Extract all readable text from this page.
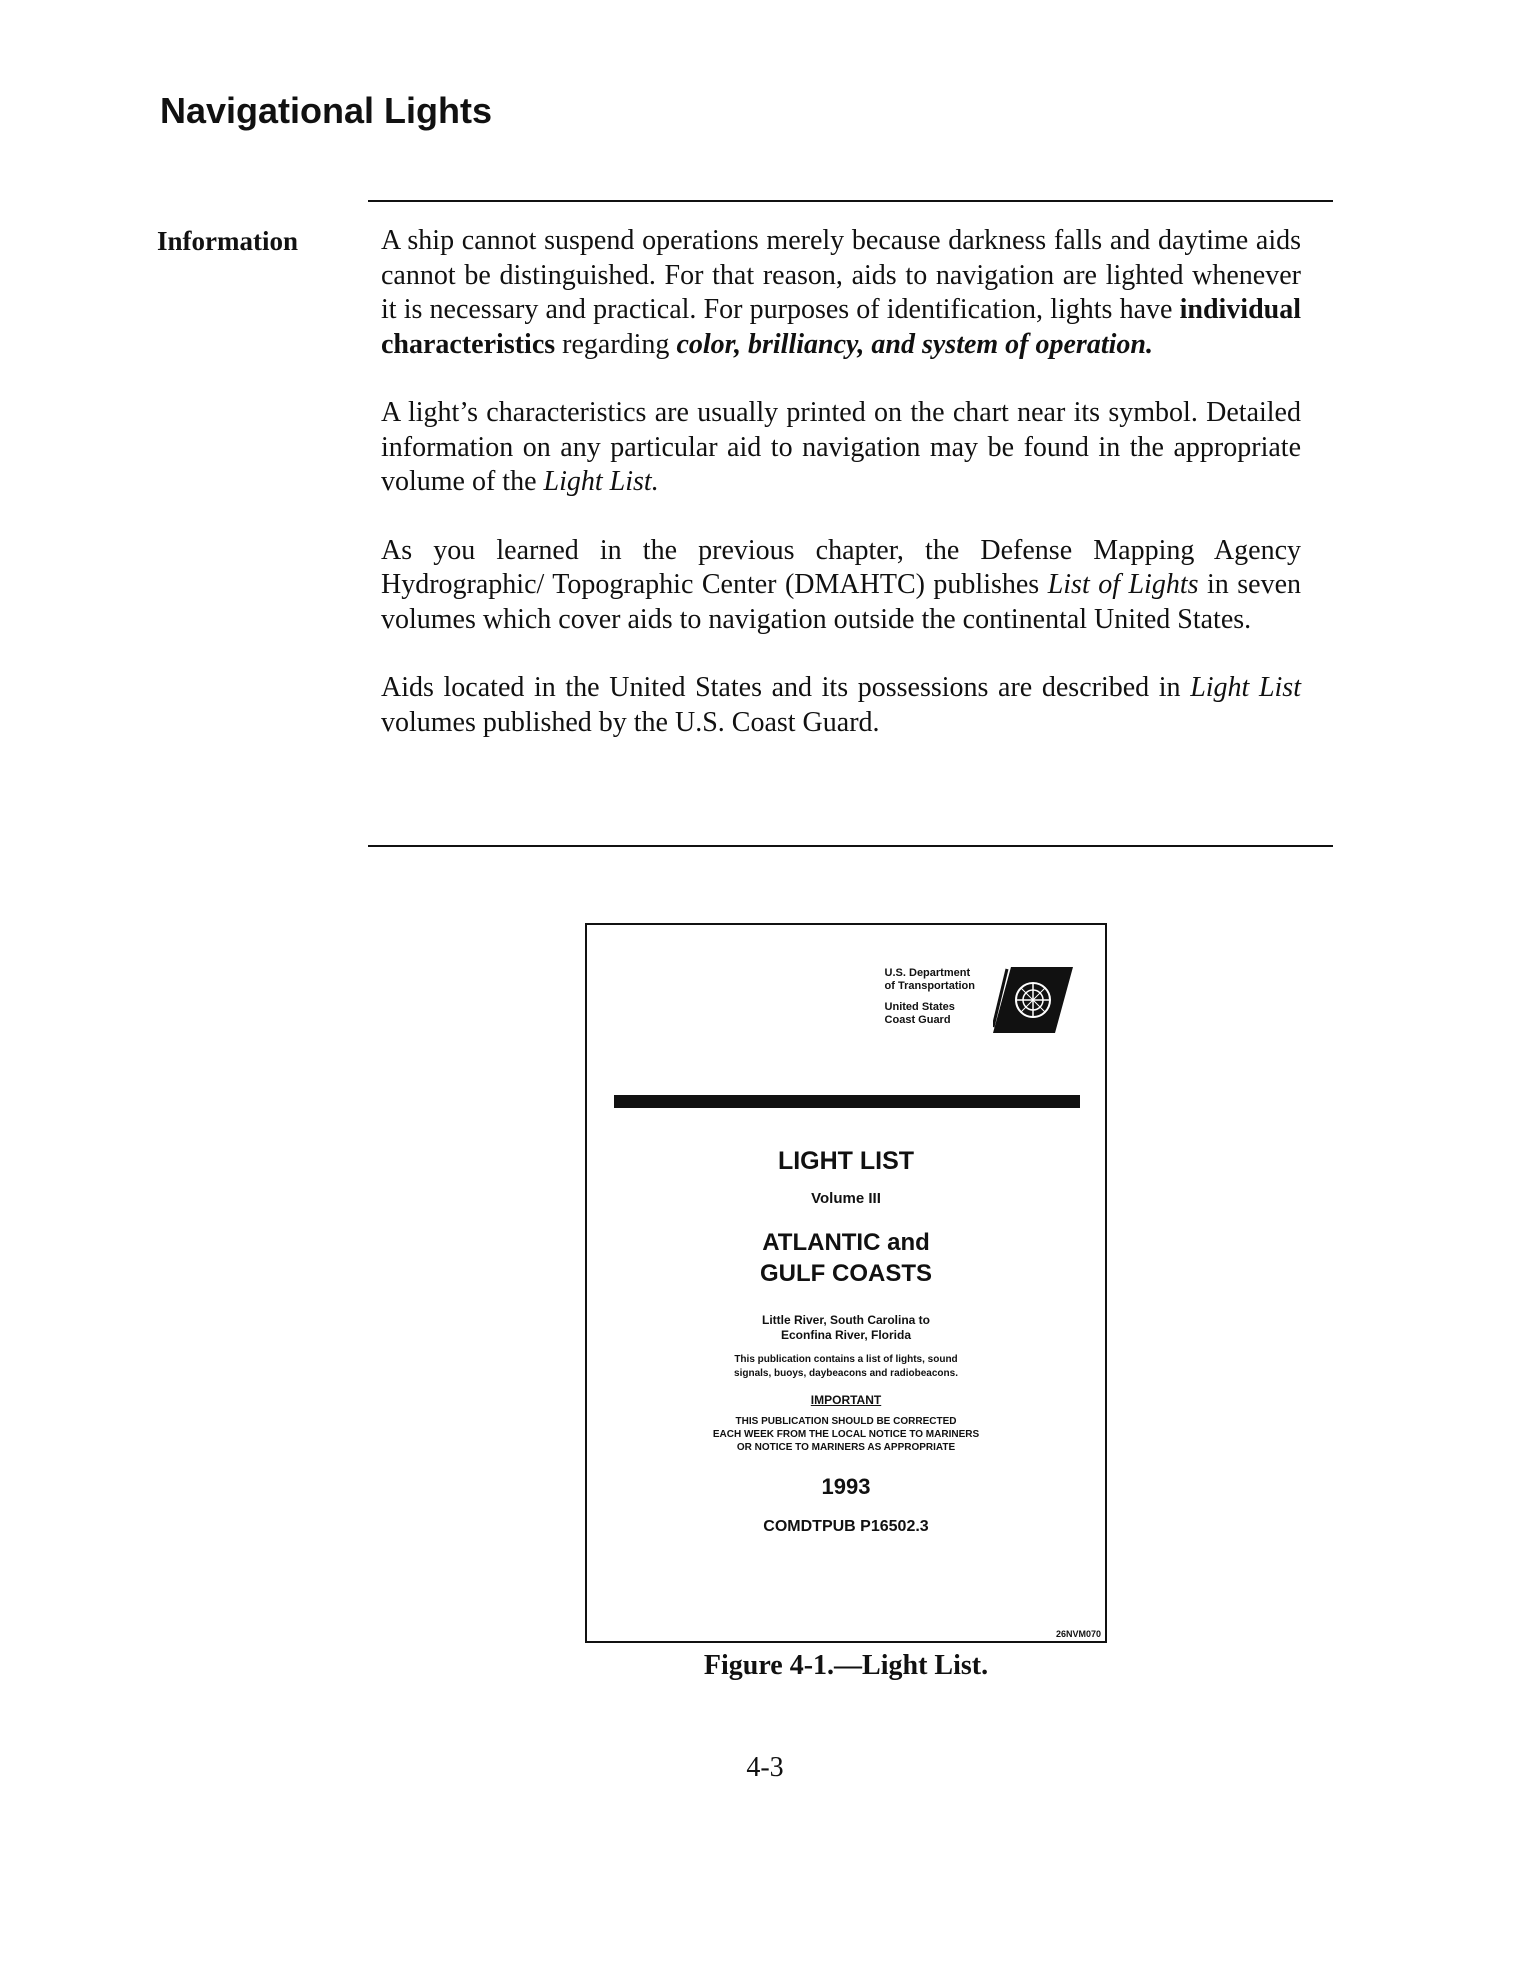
Navigational Lights
Information	A ship cannot suspend operations merely because darkness falls and daytime aids cannot be distinguished. For that reason, aids to navigation are lighted whenever it is necessary and practical. For purposes of identification, lights have individual characteristics regarding color, brilliancy, and system of operation.

A light’s characteristics are usually printed on the chart near its symbol. Detailed information on any particular aid to navigation may be found in the appropriate volume of the Light List.

As you learned in the previous chapter, the Defense Mapping Agency Hydrographic/ Topographic Center (DMAHTC) publishes List of Lights in seven volumes which cover aids to navigation outside the continental United States.

Aids located in the United States and its possessions are described in Light List volumes published by the U.S. Coast Guard.

U.S. Department
of Transportation
United States
Coast Guard

LIGHT LIST

Volume III

ATLANTIC and
GULF COASTS

Little River, South Carolina to
Econfina River, Florida

This publication contains a list of lights, sound
signals, buoys, daybeacons and radiobeacons.

IMPORTANT

THIS PUBLICATION SHOULD BE CORRECTED
EACH WEEK FROM THE LOCAL NOTICE TO MARINERS
OR NOTICE TO MARINERS AS APPROPRIATE

1993

COMDTPUB P16502.3

26NVM070
Figure 4-1.—Light List.
4-3
